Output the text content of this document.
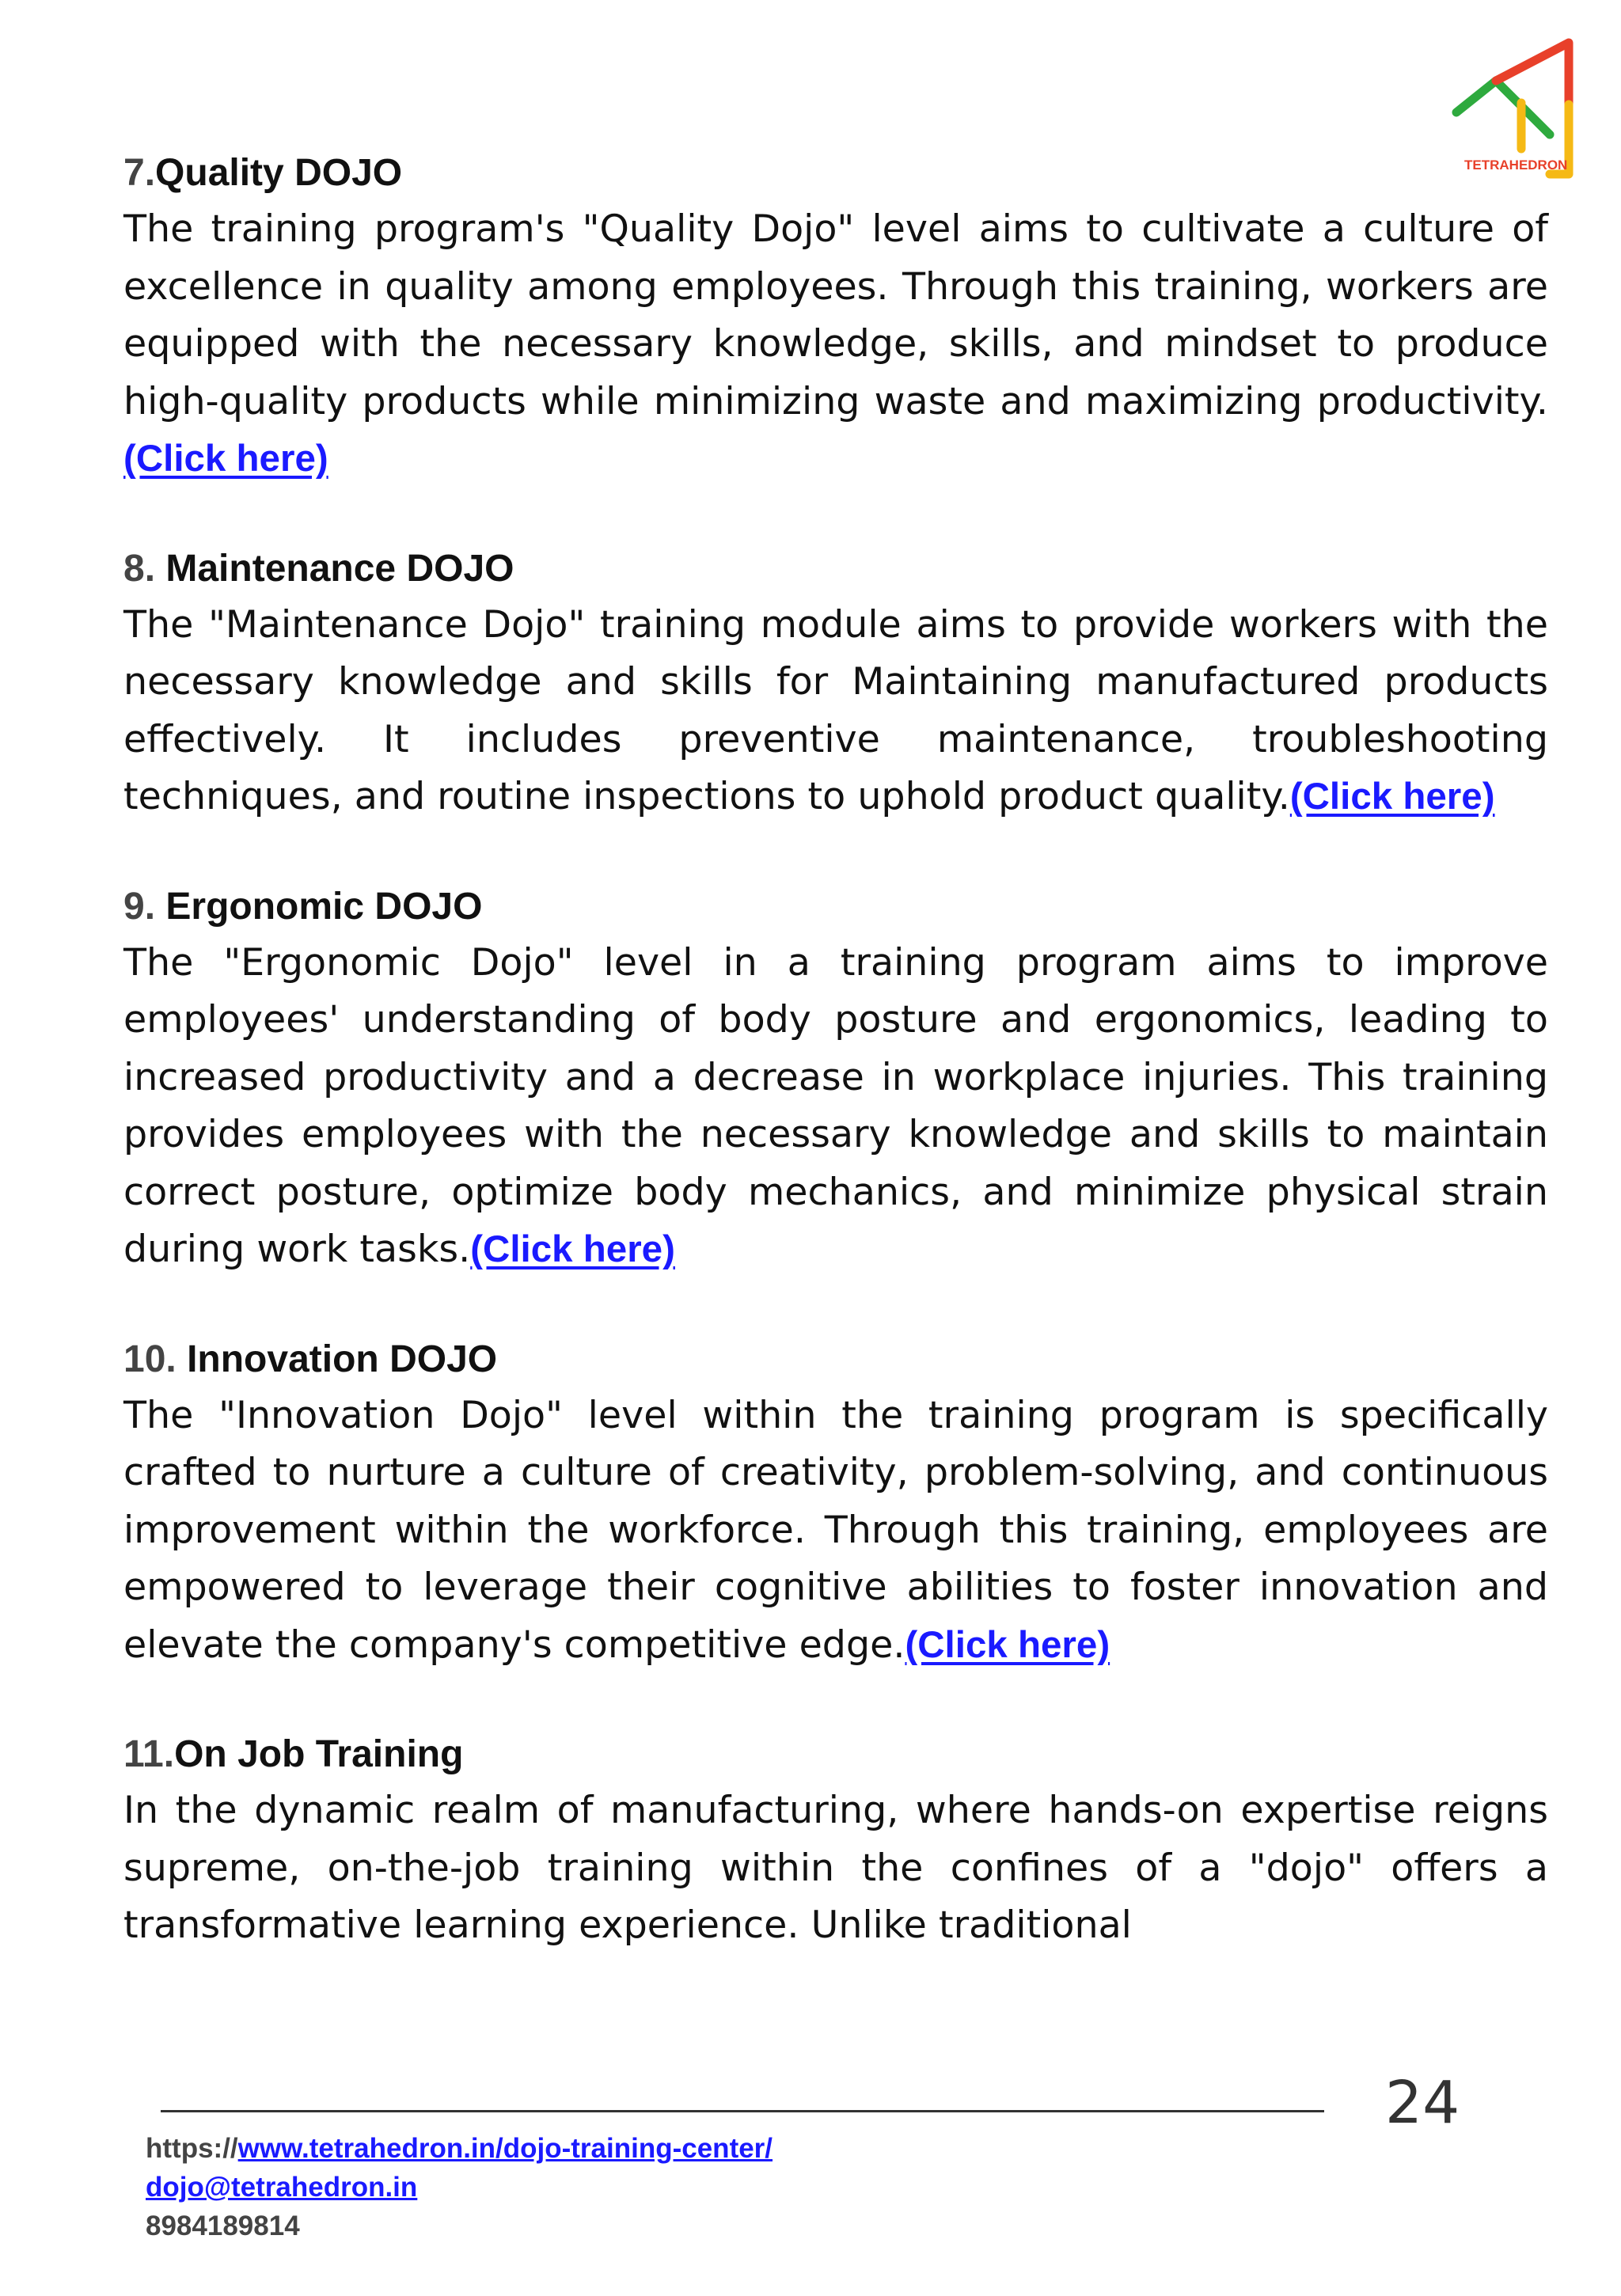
TETRAHEDRON
7.Quality DOJO

The training program's "Quality Dojo" level aims to cultivate a culture of excellence in quality among employees. Through this training, workers are equipped with the necessary knowledge, skills, and mindset to produce high-quality products while minimizing waste and maximizing productivity.(Click here)

8. Maintenance DOJO

The "Maintenance Dojo" training module aims to provide workers with the necessary knowledge and skills for Maintaining manufactured products effectively. It includes preventive maintenance, troubleshooting techniques, and routine inspections to uphold product quality.(Click here)

9. Ergonomic DOJO

The "Ergonomic Dojo" level in a training program aims to improve employees' understanding of body posture and ergonomics, leading to increased productivity and a decrease in workplace injuries. This training provides employees with the necessary knowledge and skills to maintain correct posture, optimize body mechanics, and minimize physical strain during work tasks.(Click here)

10. Innovation DOJO

The "Innovation Dojo" level within the training program is specifically crafted to nurture a culture of creativity, problem-solving, and continuous improvement within the workforce. Through this training, employees are empowered to leverage their cognitive abilities to foster innovation and elevate the company's competitive edge.(Click here)

11.On Job Training

In the dynamic realm of manufacturing, where hands-on expertise reigns supreme, on-the-job training within the confines of a "dojo" offers a transformative learning experience. Unlike traditional

24
https://www.tetrahedron.in/dojo-training-center/
dojo@tetrahedron.in
8984189814
